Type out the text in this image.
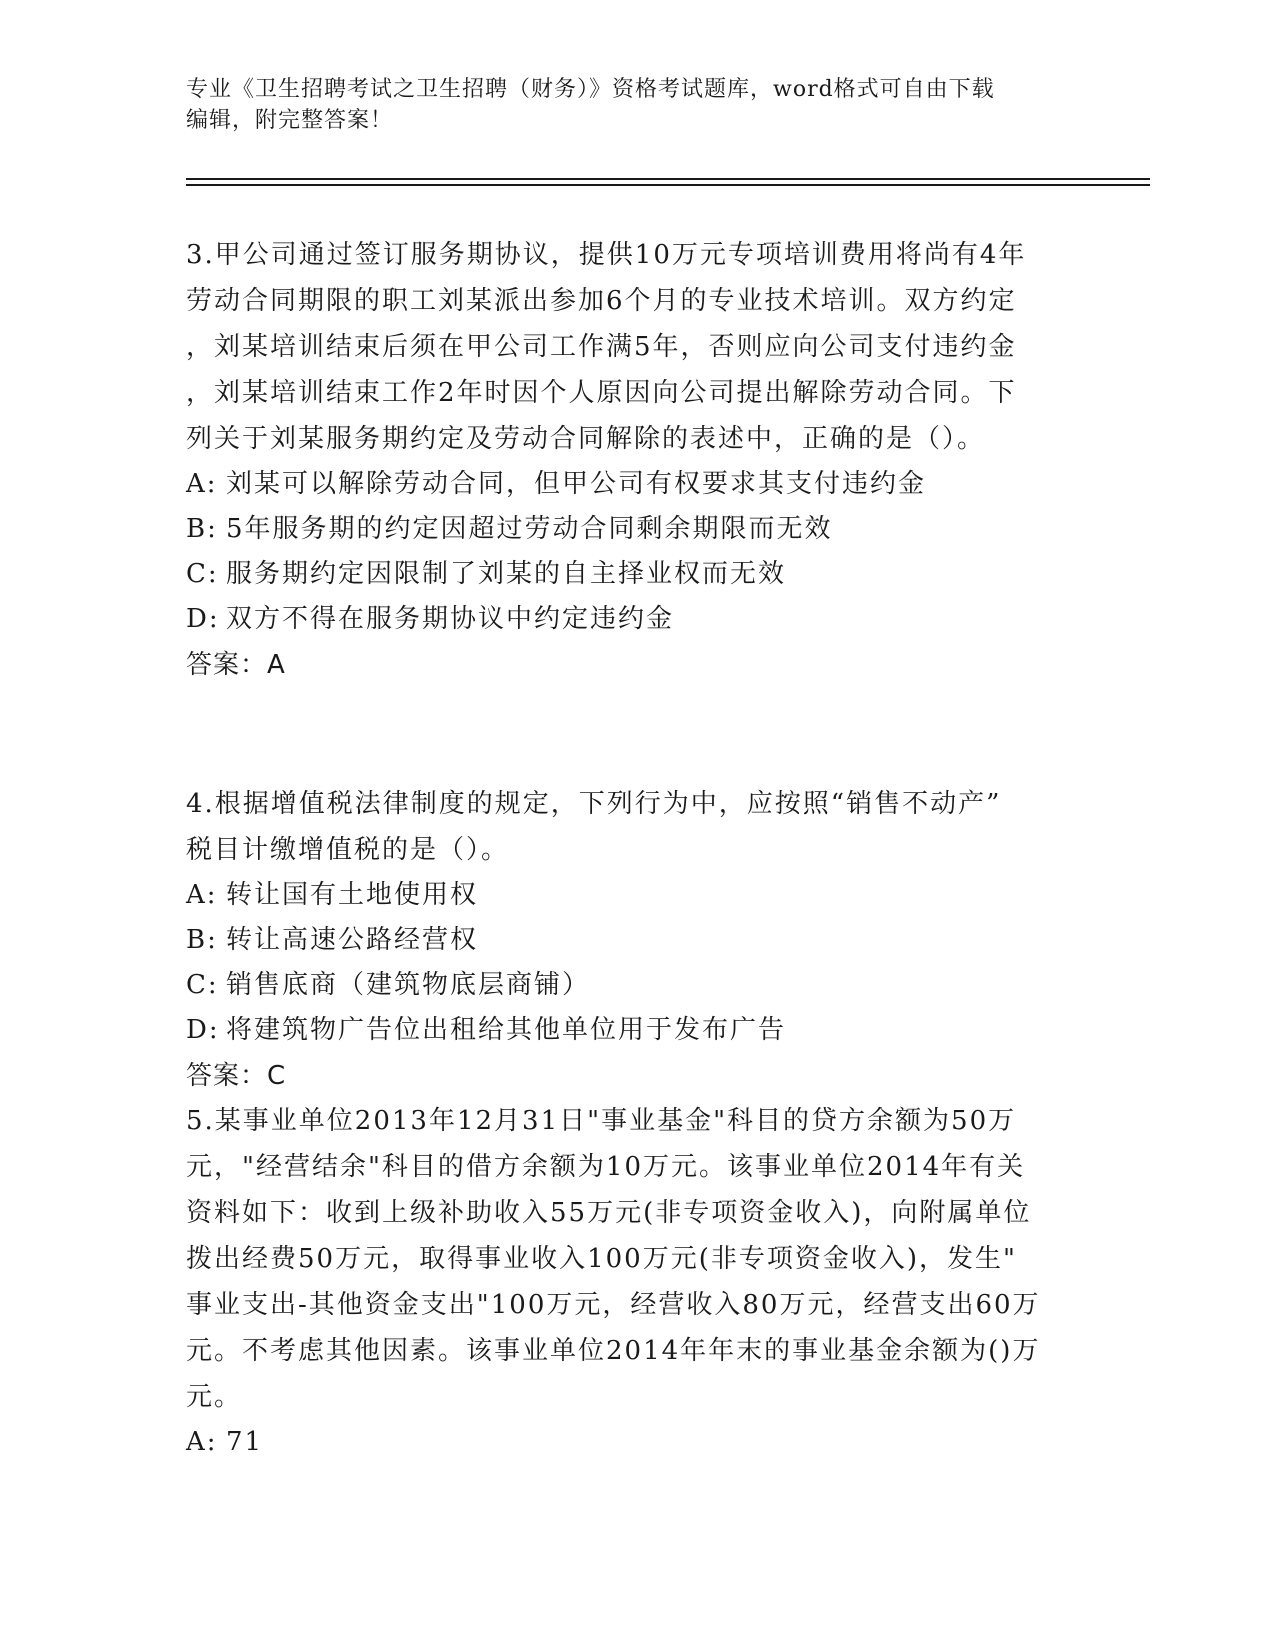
专业《卫生招聘考试之卫生招聘（财务）》资格考试题库，word格式可自由下载
编辑，附完整答案！
3.甲公司通过签订服务期协议，提供10万元专项培训费用将尚有4年
劳动合同期限的职工刘某派出参加6个月的专业技术培训。双方约定
，刘某培训结束后须在甲公司工作满5年，否则应向公司支付违约金
，刘某培训结束工作2年时因个人原因向公司提出解除劳动合同。下
列关于刘某服务期约定及劳动合同解除的表述中，正确的是（）。
A: 刘某可以解除劳动合同，但甲公司有权要求其支付违约金
B: 5年服务期的约定因超过劳动合同剩余期限而无效
C: 服务期约定因限制了刘某的自主择业权而无效
D: 双方不得在服务期协议中约定违约金
答案：A
4.根据增值税法律制度的规定，下列行为中，应按照“销售不动产”
税目计缴增值税的是（）。
A: 转让国有土地使用权
B: 转让高速公路经营权
C: 销售底商（建筑物底层商铺）
D: 将建筑物广告位出租给其他单位用于发布广告
答案：C
5.某事业单位2013年12月31日"事业基金"科目的贷方余额为50万
元，"经营结余"科目的借方余额为10万元。该事业单位2014年有关
资料如下：收到上级补助收入55万元(非专项资金收入)，向附属单位
拨出经费50万元，取得事业收入100万元(非专项资金收入)，发生"
事业支出-其他资金支出"100万元，经营收入80万元，经营支出60万
元。不考虑其他因素。该事业单位2014年年末的事业基金余额为()万
元。
A: 71
